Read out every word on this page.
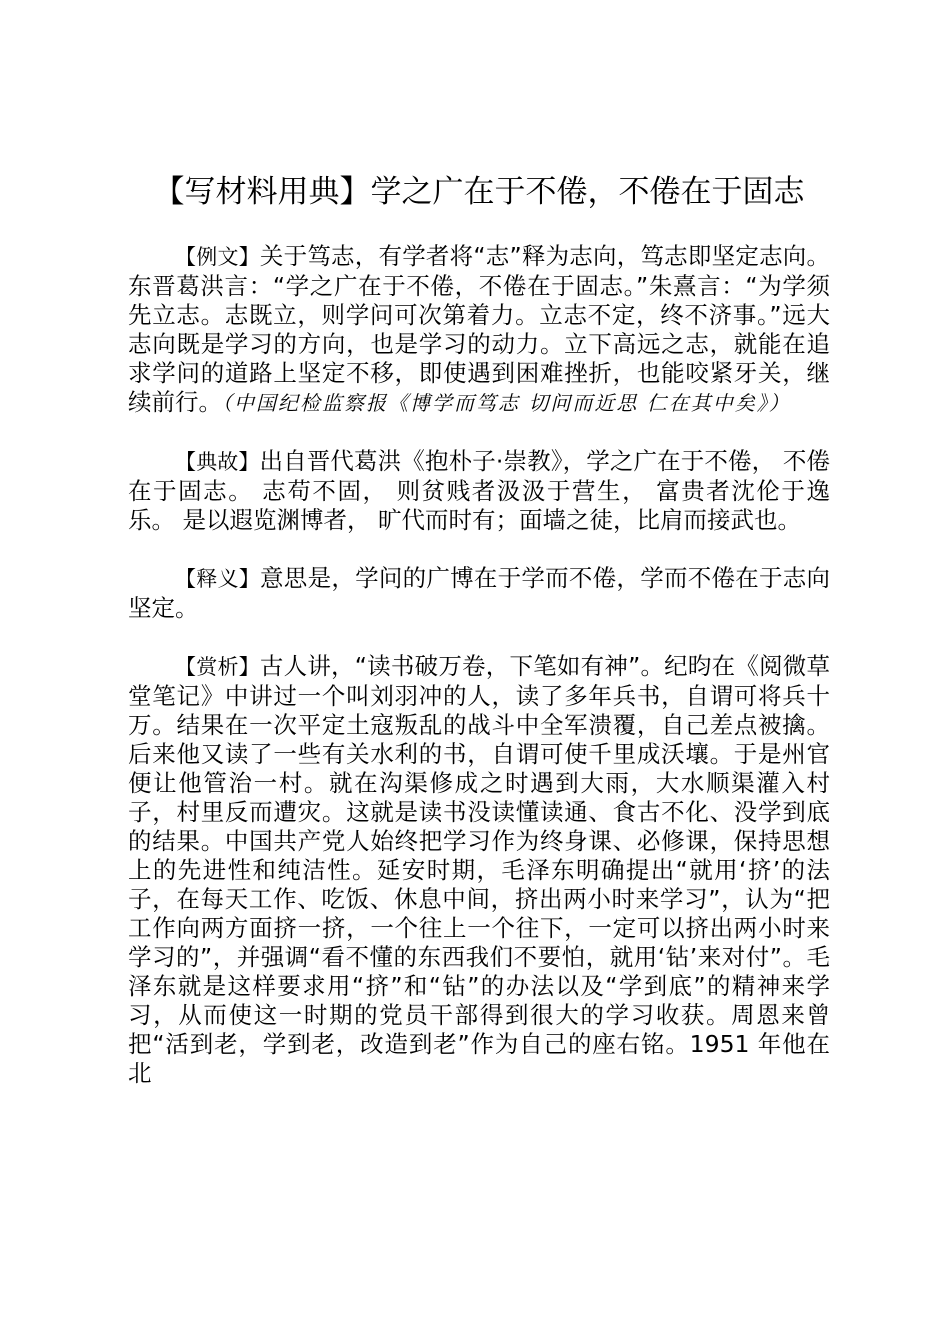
【写材料用典】学之广在于不倦，不倦在于固志

【例文】关于笃志，有学者将“志”释为志向，笃志即坚定志向。东晋葛洪言：“学之广在于不倦，不倦在于固志。”朱熹言：“为学须先立志。志既立，则学问可次第着力。立志不定，终不济事。”远大志向既是学习的方向，也是学习的动力。立下高远之志，就能在追求学问的道路上坚定不移，即使遇到困难挫折，也能咬紧牙关，继续前行。（中国纪检监察报《博学而笃志 切问而近思 仁在其中矣》）

【典故】出自晋代葛洪《抱朴子·崇教》，学之广在于不倦， 不倦在于固志。 志苟不固， 则贫贱者汲汲于营生， 富贵者沈伦于逸乐。 是以遐览渊博者， 旷代而时有；面墙之徒，比肩而接武也。

【释义】意思是，学问的广博在于学而不倦，学而不倦在于志向坚定。

【赏析】古人讲，“读书破万卷，下笔如有神”。纪昀在《阅微草堂笔记》中讲过一个叫刘羽冲的人，读了多年兵书，自谓可将兵十万。结果在一次平定土寇叛乱的战斗中全军溃覆，自己差点被擒。后来他又读了一些有关水利的书，自谓可使千里成沃壤。于是州官便让他管治一村。就在沟渠修成之时遇到大雨，大水顺渠灌入村子，村里反而遭灾。这就是读书没读懂读通、食古不化、没学到底的结果。中国共产党人始终把学习作为终身课、必修课，保持思想上的先进性和纯洁性。延安时期，毛泽东明确提出“就用‘挤’的法子，在每天工作、吃饭、休息中间，挤出两小时来学习”，认为“把工作向两方面挤一挤，一个往上一个往下，一定可以挤出两小时来学习的”，并强调“看不懂的东西我们不要怕，就用‘钻’来对付”。毛泽东就是这样要求用“挤”和“钻”的办法以及“学到底”的精神来学习，从而使这一时期的党员干部得到很大的学习收获。周恩来曾把“活到老，学到老，改造到老”作为自己的座右铭。1951 年他在北
